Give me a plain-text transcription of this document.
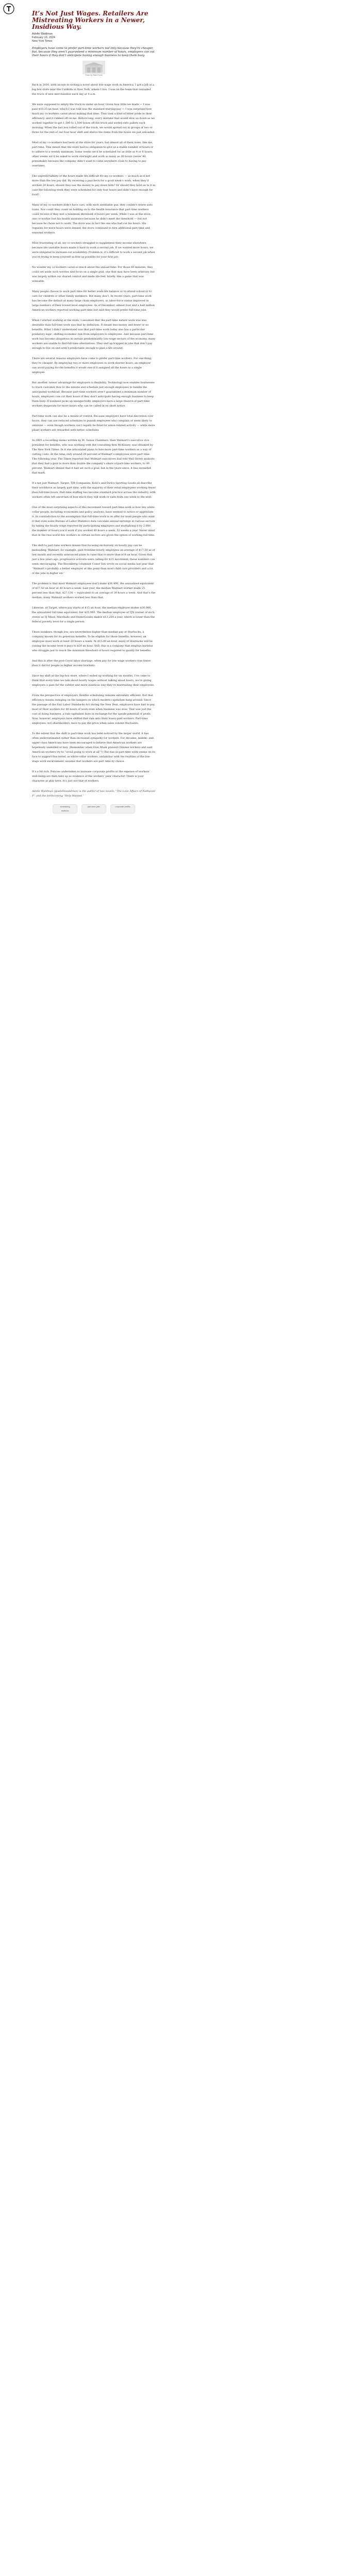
It’s Not Just Wages. Retailers Are Mistreating Workers in a Newer, Insidious Way.

Adelle Waldman

February 19, 2024

New York Times

Employers have come to prefer part-time workers not only because they’re cheaper, but, because they aren’t guaranteed a minimum number of hours, employers can cut their hours if they don’t anticipate having enough business to keep them busy.

Photo by Sean Dorris

Back in 2016, with an eye to writing a novel about low-wage work in America, I got a job at a big box store near the Catskills in New York, where I live. I was on the team that unloaded the truck of new merchandise each day at 4 a.m.

We were supposed to empty the truck in under an hour. Given how little we made — I was paid $10.25 an hour, which I was told was the standard starting pay — I was surprised how much my co-workers cared about making that time. They took a kind of bitter pride in their efficiency, and it rubbed off on me. Before long, every mistake that would slow us down as we worked together to get 1,500 to 2,500 boxes off the truck and sorted onto pallets each morning. When the last box rolled out of the truck, we would spread out in groups of two or three for the rest of our four-hour shift and shelve the items from the boxes we just unloaded.

Most of my co-workers had been at the store for years, but almost all of them were, like me, part-time. This meant that the store had no obligation to give us a stable number of hours or to adhere to a weekly minimum. Some weeks we’d be scheduled for as little as 4 or 8 hours; other weeks we’d be asked to work overnight and work as many as 30 hours (never 40, presumably because the company didn’t want to come anywhere close to having to pay overtime).

The unpredictability of the hours made life difficult for my co-workers — as much as if not more than the low pay did. By receiving a paycheck for a good week’s work, when they’d worked 29 hours, should they use the money to pay down bills? Or should they hold on to it in case the following week they were scheduled for only four hours and didn’t have enough for food?

Many of my co-workers didn’t have cars, with each unreliable gas, they couldn’t renew auto loans. Nor could they count on holding on to the health insurance that part-time workers could receive if they met a minimum threshold of hours per week. While I was at the store, one co-worker lost his health insurance because he didn’t meet the threshold — but not because he chose not to work. The store was in fact the one who had cut his hours. His requests for more hours were denied; the store continued to hire additional part-time and seasonal workers.

Most frustrating of all, my co-workers struggled to supplement their income elsewhere, because the unstable hours made it hard to work a second job. If we wanted more hours, we were obligated to increase our availability. Problem is, it’s difficult to work a second job when you’re trying to keep yourself as free as possible for your first job.

No wonder my co-workers cared so much about the unload time: For those 60 minutes, they could set aside such worries and focus on a single goal, one that may have been arbitrary but was largely within our shared control and made life feel, briefly, like a game that was winnable.

Many people choose to work part time for better work-life balance or to attend school or to care for children or other family members. But many don’t. In recent years, part-time work has become the default at many large chain employers, as labor-force status improved in large numbers of their lowest level employees. As of December, almost four and a half million American workers reported working part-time but said they would prefer full-time jobs.

When I started working at the store, I assumed that the part-time nature work was less desirable than full-time work was that by definition. It meant less money and fewer or no benefits. What I didn’t understand was that part-time work today also has a particular predatory logic, shifting economic risk from employers to employees. And because part-time work has become ubiquitous in certain predominantly low-wage sectors of the economy, many workers are unable to find full-time alternatives. They end up trapped in jobs that don’t pay enough to live on and aren’t predictable enough to plan a life around.

There are several reasons employers have come to prefer part-time workers. For one thing, they’re cheaper: By employing two or more employees to work shorter hours, an employer can avoid paying for the benefits it would owe if it assigned all the hours to a single employee.

But another, newer advantage for employers is flexibility. Technology now enables businesses to track customer flow to the minute and schedule just enough employees to handle the anticipated workload. Because part-time workers aren’t guaranteed a minimum number of hours, employers can cut their hours if they don’t anticipate having enough business to keep them busy. If business picks up unexpectedly, employers have a large reserve of part-time workers desperate for more hours who can be called in on short notice.

Part-time work can also be a means of control. Because employers have total discretion over hours, they can use reduced schedules to punish employees who complain or seem likely to unionize — even though workers can’t legally be fired for union-related activity — while more pliant workers are rewarded with better schedules.

In 2005 a recording memo written by M. Susan Chambers, then Walmart’s executive vice president for benefits, who was working with the consulting firm McKinsey, was obtained by The New York Times. In it she articulated plans to hire more part-time workers as a way of cutting costs. At the time, only around 20 percent of Walmart’s employees were part time. The following year, The Times reported that Walmart executives had told Wall Street analysts that they had a goal to more than double the company’s share of part-time workers, to 40 percent. Walmart denied that it had set such a goal, but in the years since, it has exceeded that mark.

It’s not just Walmart. Target, TJX Companies, Kohl’s and Dick’s Sporting Goods all describe their workforce as largely part-time, with the majority of their retail employees working fewer than full-time hours. Part-time staffing has become standard practice across the industry, with workers often left uncertain of how much they will work or earn from one week to the next.

One of the most surprising aspects of this movement toward part-time work is how few white-collar people, including economists and policy analysts, have seemed to notice or appreciate it. In contradiction to the assumption that full-time work is on offer for most people who want it that even some Bureau of Labor Statistics data calculate annual earnings in various sectors by taking the hourly wage reported by participating employers and multiplying it by 2,080, the number of hours you’d work if you worked 40 hours a week, 52 weeks a year. Never mind that in the real world few workers in certain sectors are given the option of working full time.

The shift to part-time workers means that focusing exclusively on hourly pay can be misleading. Walmart, for example, paid frontline hourly employees an average of $17.50 as of last month and recently announced plans to raise that to more than $18 an hour. Given that just a few years ago, progressive activists were calling for $15 movement, these numbers can seem encouraging. The Bloomberg columnist Conor Sen wrote on social media last year that “Walmart’s probably a better employer at this point than most child care providers and a lot of the jobs in higher ed.”

The problem is that most Walmart employees don’t make $36,400, the annualized equivalent of $17.50 an hour at 40 hours a week. Last year, the median Walmart worker made 25 percent less than that, $27,136 — equivalent to an average of 30 hours a week. And that’s the median; many Walmart workers worked less than that.

Likewise, at Target, where pay starts at $15 an hour, the median employee makes $30,000, the annualized full-time equivalent, but $25,993. The median employee of TJX (owner of such stores as TJ Maxx, Marshalls and HomeGoods) makes $13,254 a year, which is lower than the federal poverty level for a single person.

These numbers, though low, are nevertheless higher than median pay at Starbucks, a company known for its generous benefits. To be eligible for those benefits, however, an employee must work at least 20 hours a week. At $15.00 an hour, many of Starbucks will be raising the income level it pays to $20 an hour. Still, this is a company that employs baristas who struggle just to reach the minimum threshold of hours required to qualify for benefits.

And this is after the post-Covid labor shortage, when pay for low-wage workers rose faster than it did for people in higher income brackets.

Since my shift at the big-box store, where I ended up working for six months, I’ve come to think that every time we talk about hourly wages without talking about hours, we’re giving employers a pass for the subtler and more insidious way they’re mistreating their employees.

From the perspective of employers, flexible scheduling remains extremely efficient. But that efficiency means swinging on the hangers on which modern capitalism hang around: Since the passage of the Fair Labor Standards Act during the New Deal, employers have had to pay most of their workers for 40 hours of work even when business was slow. That was just the cost of doing business, a risk capitalists bore in exchange for the upside potential of profit. Now, however, employers have shifted that risk onto their lower-paid workers. Part-time employees, not shareholders, have to pay the price when sales volume fluctuates.

To the extent that the shift to part-time work has been noticed by the larger world, it has often underestimated rather than increased sympathy for workers. For decades, middle- and upper-class Americans have been encouraged to believe that American workers are hopelessly unskilled or lazy. (Remember when Elon Musk praised Chinese workers and said American workers try to “avoid going to work at all”?) The rise in part-time work seems on its face to support this belief, as white-collar workers, unfamiliar with the realities of the low-wage work environment, assume that workers are part time by choice.

It’s a bit rich. Policies undertaken to increase corporate profits at the expense of workers’ well-being are then held up as evidence of the workers’ poor character. There is your character at play here. It’s just not that of workers.

Adelle Waldman (@adellewaldman) is the author of two novels, “The Love Affairs of Nathaniel P.” and the forthcoming “Help Wanted.”

scheduling workers
part-time jobs	corporate profits
